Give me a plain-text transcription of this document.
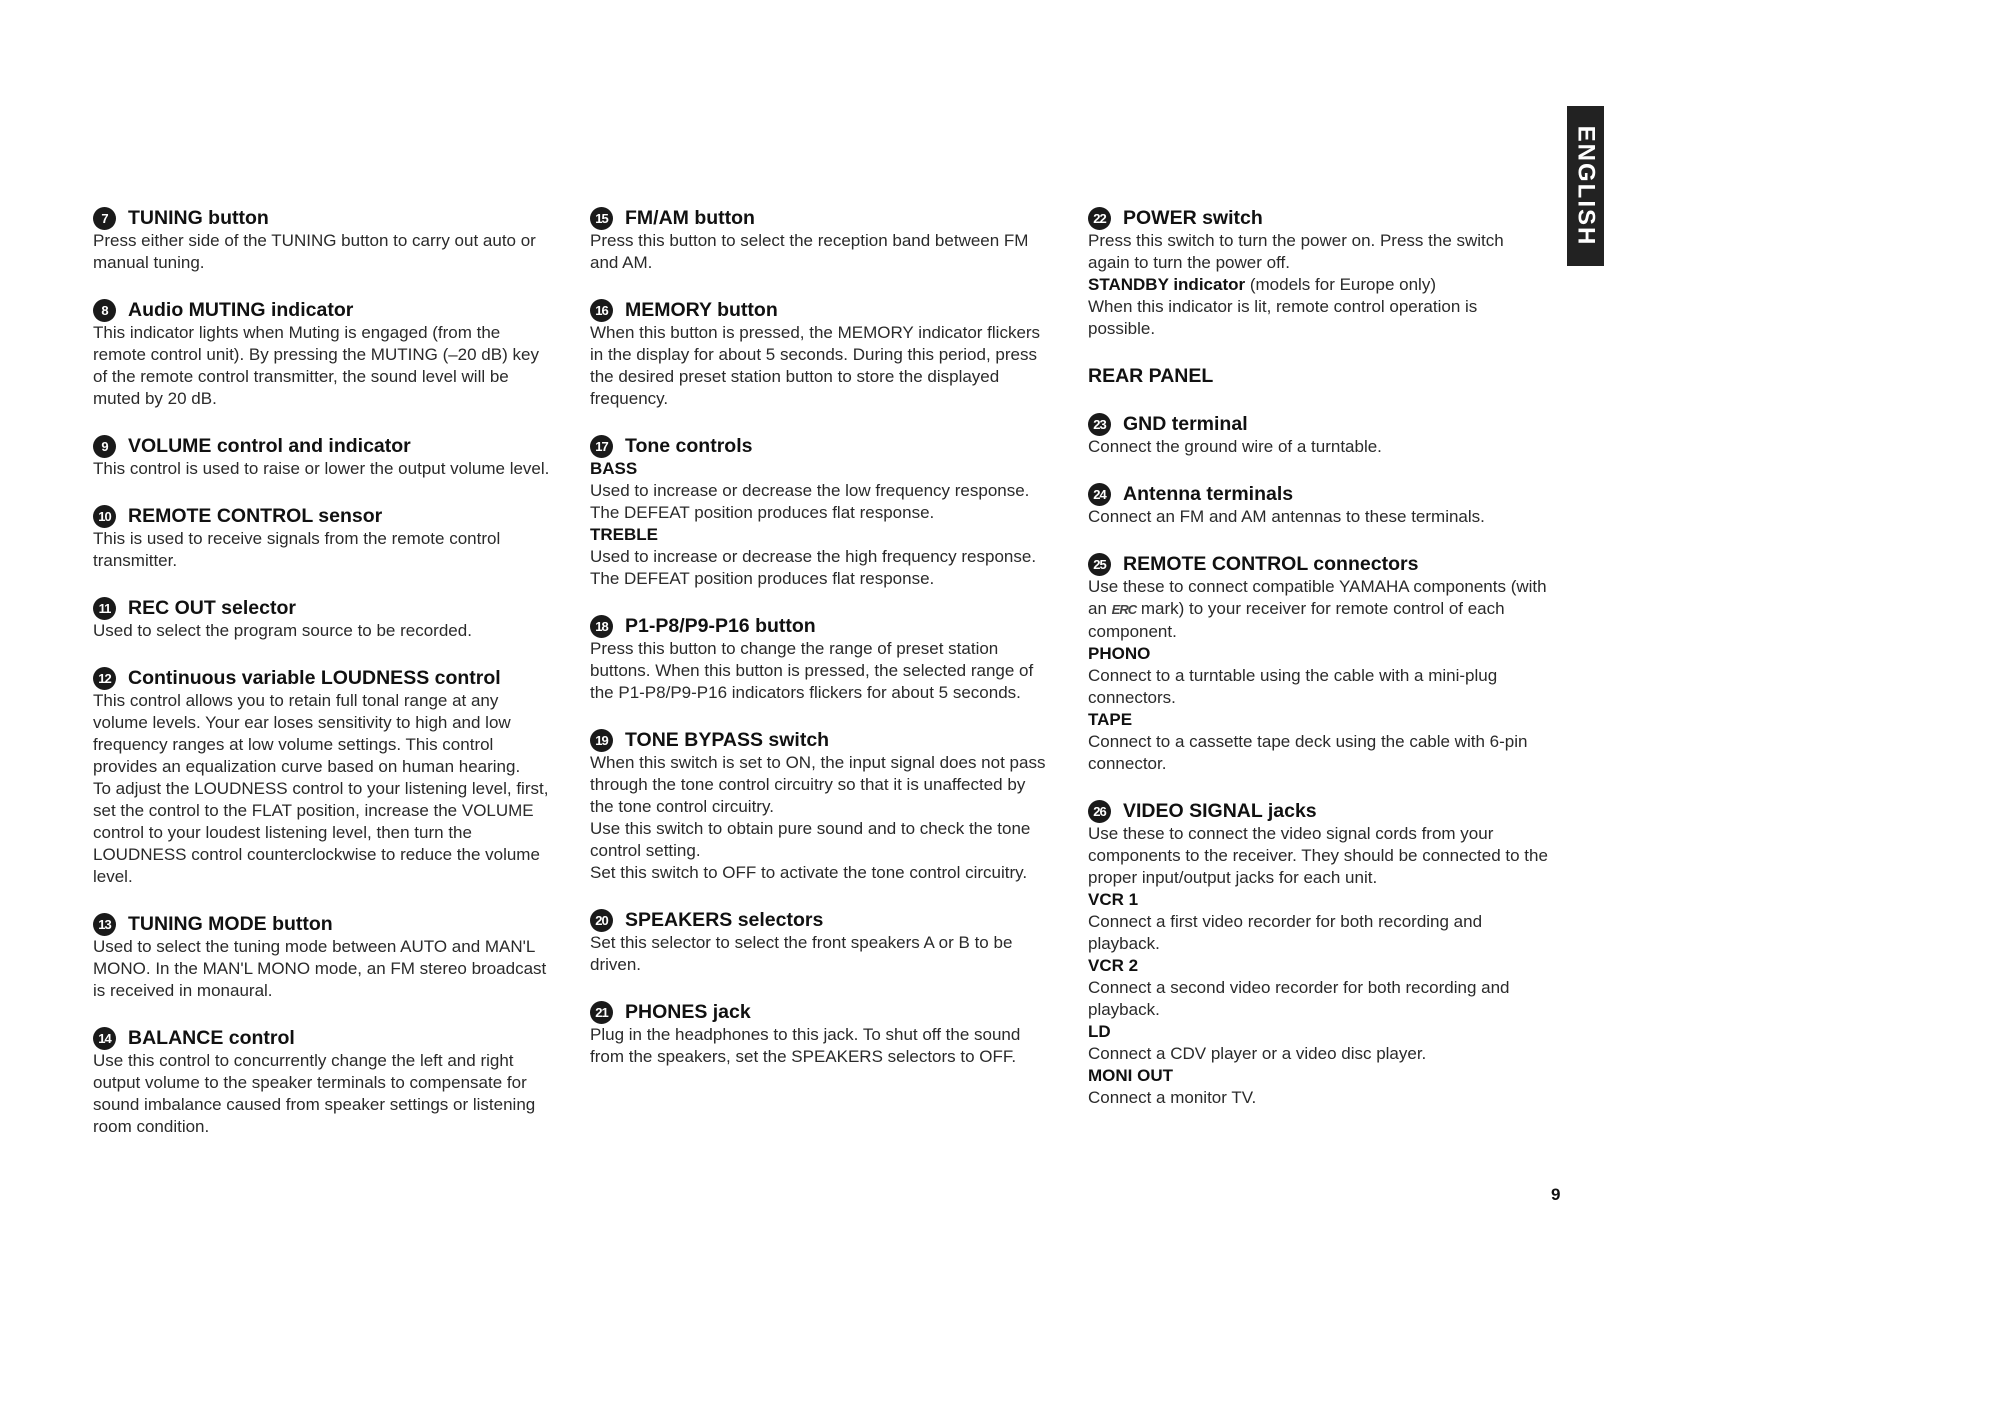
ENGLISH
7	TUNING button

Press either side of the TUNING button to carry out auto or manual tuning.

8	Audio MUTING indicator

This indicator lights when Muting is engaged (from the remote control unit). By pressing the MUTING (–20 dB) key of the remote control transmitter, the sound level will be muted by 20 dB.

9	VOLUME control and indicator

This control is used to raise or lower the output volume level.

10 REMOTE CONTROL sensor

This is used to receive signals from the remote control transmitter.

11 REC OUT selector

Used to select the program source to be recorded.

12 Continuous variable LOUDNESS control

This control allows you to retain full tonal range at any volume levels. Your ear loses sensitivity to high and low frequency ranges at low volume settings. This control provides an equalization curve based on human hearing.

To adjust the LOUDNESS control to your listening level, first, set the control to the FLAT position, increase the VOLUME control to your loudest listening level, then turn the LOUDNESS control counterclockwise to reduce the volume level.

13 TUNING MODE button

Used to select the tuning mode between AUTO and MAN'L MONO. In the MAN'L MONO mode, an FM stereo broadcast is received in monaural.

14 BALANCE control

Use this control to concurrently change the left and right output volume to the speaker terminals to compensate for sound imbalance caused from speaker settings or listening room condition.

15 FM/AM button

Press this button to select the reception band between FM and AM.

16 MEMORY button

When this button is pressed, the MEMORY indicator flickers in the display for about 5 seconds. During this period, press the desired preset station button to store the displayed frequency.

17 Tone controls
BASS
Used to increase or decrease the low frequency response. The DEFEAT position produces flat response.
TREBLE
Used to increase or decrease the high frequency response. The DEFEAT position produces flat response.
18 P1-P8/P9-P16 button

Press this button to change the range of preset station buttons. When this button is pressed, the selected range of the P1-P8/P9-P16 indicators flickers for about 5 seconds.

19 TONE BYPASS switch

When this switch is set to ON, the input signal does not pass through the tone control circuitry so that it is unaffected by the tone control circuitry.

Use this switch to obtain pure sound and to check the tone control setting.

Set this switch to OFF to activate the tone control circuitry.

20 SPEAKERS selectors

Set this selector to select the front speakers A or B to be driven.

21 PHONES jack

Plug in the headphones to this jack. To shut off the sound from the speakers, set the SPEAKERS selectors to OFF.

22 POWER switch
Press this switch to turn the power on. Press the switch again to turn the power off.
STANDBY indicator (models for Europe only)
When this indicator is lit, remote control operation is possible.
REAR PANEL
23 GND terminal
Connect the ground wire of a turntable.
24 Antenna terminals
Connect an FM and AM antennas to these terminals.
25 REMOTE CONTROL connectors
Use these to connect compatible YAMAHA components (with an ERC mark) to your receiver for remote control of each component.
PHONO
Connect to a turntable using the cable with a mini-plug connectors.
TAPE
Connect to a cassette tape deck using the cable with 6-pin connector.
26 VIDEO SIGNAL jacks
Use these to connect the video signal cords from your components to the receiver. They should be connected to the proper input/output jacks for each unit.
VCR 1
Connect a first video recorder for both recording and playback.
VCR 2
Connect a second video recorder for both recording and playback.
LD
Connect a CDV player or a video disc player.
MONI OUT
Connect a monitor TV.
9
